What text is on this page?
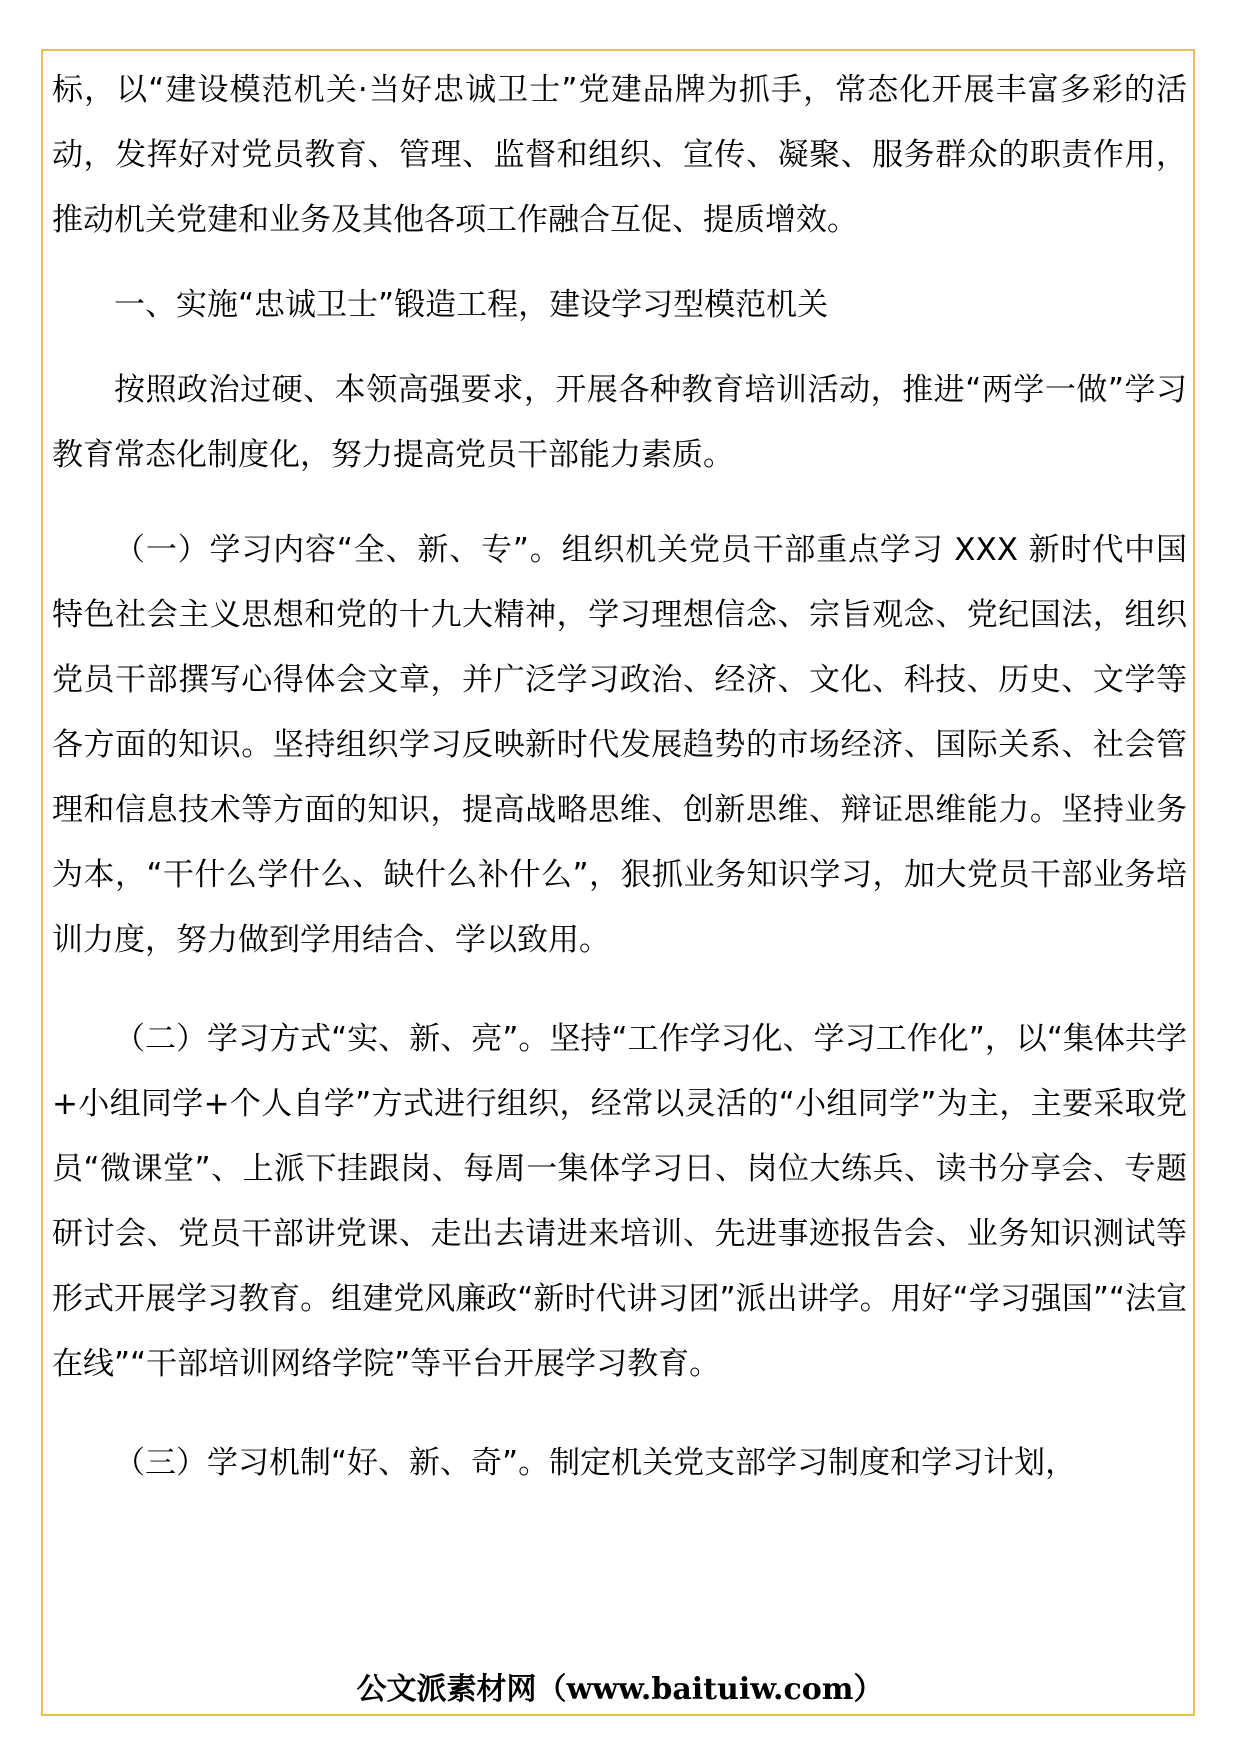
标，以“建设模范机关·当好忠诚卫士”党建品牌为抓手，常态化开展丰富多彩的活动，发挥好对党员教育、管理、监督和组织、宣传、凝聚、服务群众的职责作用，推动机关党建和业务及其他各项工作融合互促、提质增效。

一、实施“忠诚卫士”锻造工程，建设学习型模范机关

按照政治过硬、本领高强要求，开展各种教育培训活动，推进“两学一做”学习教育常态化制度化，努力提高党员干部能力素质。

（一）学习内容“全、新、专”。组织机关党员干部重点学习 XXX 新时代中国特色社会主义思想和党的十九大精神，学习理想信念、宗旨观念、党纪国法，组织党员干部撰写心得体会文章，并广泛学习政治、经济、文化、科技、历史、文学等各方面的知识。坚持组织学习反映新时代发展趋势的市场经济、国际关系、社会管理和信息技术等方面的知识，提高战略思维、创新思维、辩证思维能力。坚持业务为本，“干什么学什么、缺什么补什么”，狠抓业务知识学习，加大党员干部业务培训力度，努力做到学用结合、学以致用。

（二）学习方式“实、新、亮”。坚持“工作学习化、学习工作化”，以“集体共学+小组同学+个人自学”方式进行组织，经常以灵活的“小组同学”为主，主要采取党员“微课堂”、上派下挂跟岗、每周一集体学习日、岗位大练兵、读书分享会、专题研讨会、党员干部讲党课、走出去请进来培训、先进事迹报告会、业务知识测试等形式开展学习教育。组建党风廉政“新时代讲习团”派出讲学。用好“学习强国”“法宣在线”“干部培训网络学院”等平台开展学习教育。

（三）学习机制“好、新、奇”。制定机关党支部学习制度和学习计划，

公文派素材网（www.baituiw.com）
